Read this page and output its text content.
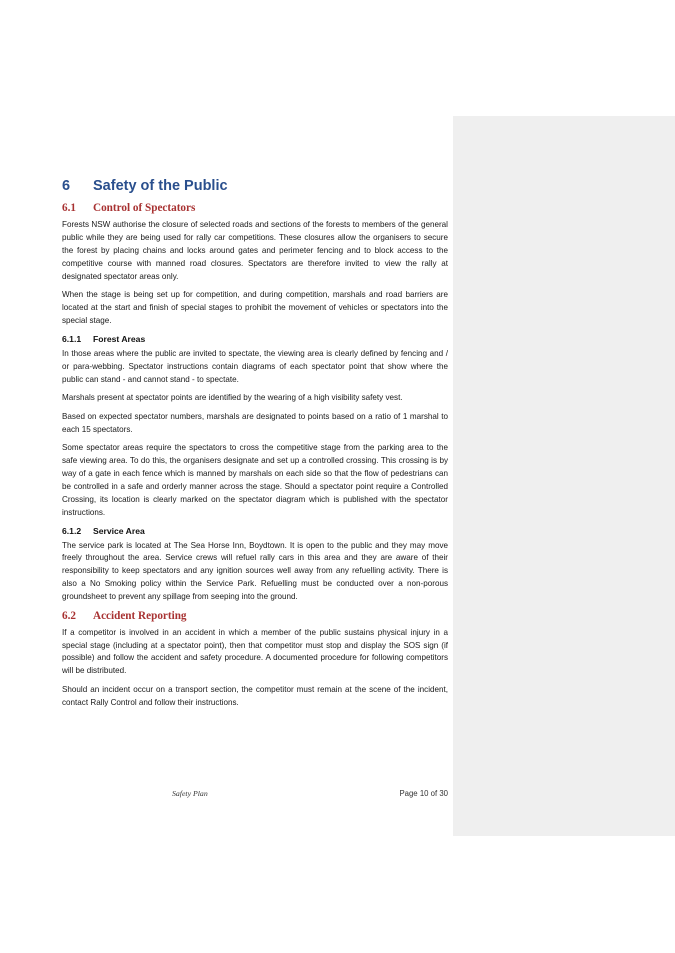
6	Safety of the Public
6.1	Control of Spectators

Forests NSW authorise the closure of selected roads and sections of the forests to members of the general public while they are being used for rally car competitions. These closures allow the organisers to secure the forest by placing chains and locks around gates and perimeter fencing and to block access to the competitive course with manned road closures. Spectators are therefore invited to view the rally at designated spectator areas only.

When the stage is being set up for competition, and during competition, marshals and road barriers are located at the start and finish of special stages to prohibit the movement of vehicles or spectators into the special stage.

6.1.1	Forest Areas

In those areas where the public are invited to spectate, the viewing area is clearly defined by fencing and / or para-webbing. Spectator instructions contain diagrams of each spectator point that show where the public can stand - and cannot stand - to spectate.

Marshals present at spectator points are identified by the wearing of a high visibility safety vest.

Based on expected spectator numbers, marshals are designated to points based on a ratio of 1 marshal to each 15 spectators.

Some spectator areas require the spectators to cross the competitive stage from the parking area to the safe viewing area. To do this, the organisers designate and set up a controlled crossing. This crossing is by way of a gate in each fence which is manned by marshals on each side so that the flow of pedestrians can be controlled in a safe and orderly manner across the stage. Should a spectator point require a Controlled Crossing, its location is clearly marked on the spectator diagram which is published with the spectator instructions.

6.1.2	Service Area

The service park is located at The Sea Horse Inn, Boydtown. It is open to the public and they may move freely throughout the area. Service crews will refuel rally cars in this area and they are aware of their responsibility to keep spectators and any ignition sources well away from any refuelling activity. There is also a No Smoking policy within the Service Park. Refuelling must be conducted over a non-porous groundsheet to prevent any spillage from seeping into the ground.

6.2	Accident Reporting

If a competitor is involved in an accident in which a member of the public sustains physical injury in a special stage (including at a spectator point), then that competitor must stop and display the SOS sign (if possible) and follow the accident and safety procedure. A documented procedure for following competitors will be distributed.

Should an incident occur on a transport section, the competitor must remain at the scene of the incident, contact Rally Control and follow their instructions.

Safety Plan	Page 10 of 30
